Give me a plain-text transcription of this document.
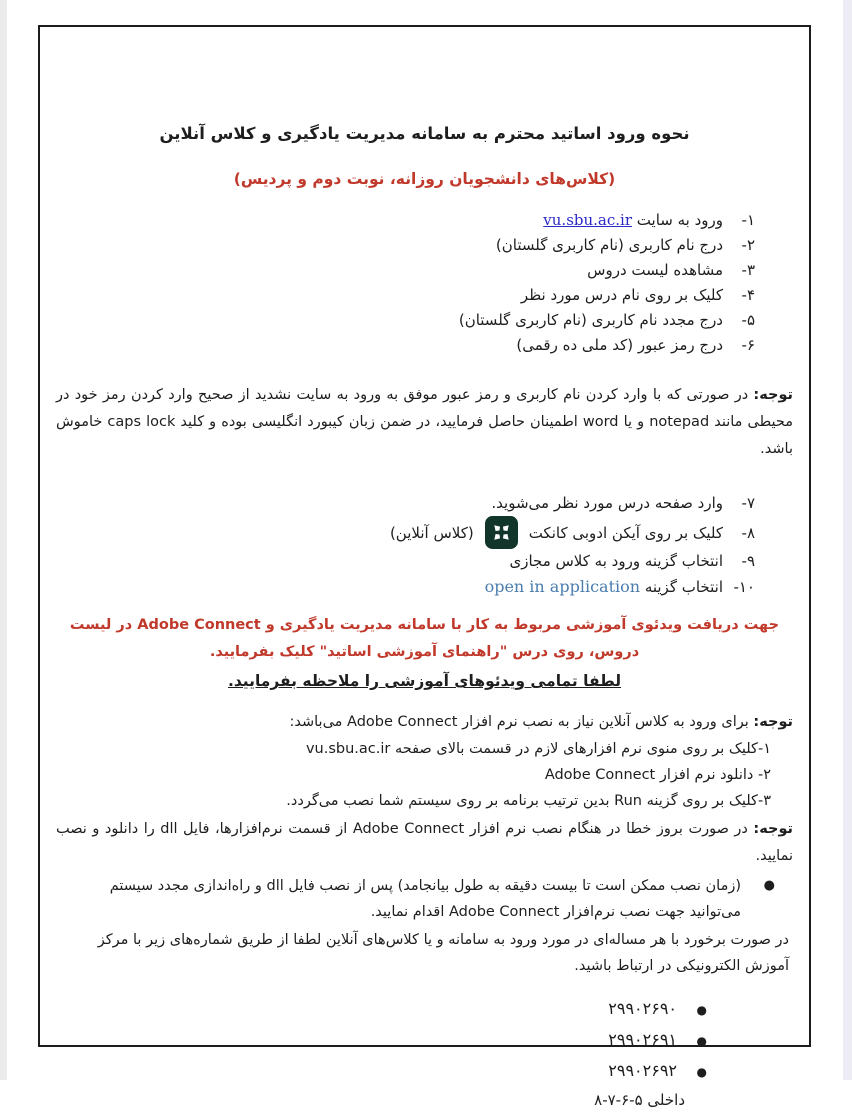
نحوه ورود اساتید محترم به سامانه مدیریت یادگیری و کلاس آنلاین
(کلاس‌های دانشجویان روزانه، نوبت دوم و پردیس)
۱-ورود به سایت vu.sbu.ac.ir
۲-درج نام کاربری (نام کاربری گلستان)
۳-مشاهده لیست دروس
۴-کلیک بر روی نام درس مورد نظر
۵-درج مجدد نام کاربری (نام کاربری گلستان)
۶-درج رمز عبور (کد ملی ده رقمی)

توجه: در صورتی که با وارد کردن نام کاربری و رمز عبور موفق به ورود به سایت نشدید از صحیح وارد کردن رمز خود در محیطی مانند notepad و یا word اطمینان حاصل فرمایید، در ضمن زبان کیبورد انگلیسی بوده و کلید caps lock خاموش باشد.

۷-وارد صفحه درس مورد نظر می‌شوید.
۸-کلیک بر روی آیکن ادوبی کانکت(کلاس آنلاین)
۹-انتخاب گزینه ورود به کلاس مجازی
۱۰-انتخاب گزینه open in application

جهت دریافت ویدئوی آموزشی مربوط به کار با سامانه مدیریت یادگیری و Adobe Connect در لیست دروس، روی درس "راهنمای آموزشی اساتید" کلیک بفرمایید.

لطفا تمامی ویدئوهای آموزشی را ملاحظه بفرمایید.

توجه: برای ورود به کلاس آنلاین نیاز به نصب نرم افزار Adobe Connect می‌باشد:

۱-کلیک بر روی منوی نرم افزارهای لازم در قسمت بالای صفحه vu.sbu.ac.ir
۲- دانلود نرم افزار Adobe Connect
۳-کلیک بر روی گزینه Run بدین ترتیب برنامه بر روی سیستم شما نصب می‌گردد.

توجه: در صورت بروز خطا در هنگام نصب نرم افزار Adobe Connect از قسمت نرم‌افزارها، فایل dll را دانلود و نصب نمایید.

●
(زمان نصب ممکن است تا بیست دقیقه به طول بیانجامد) پس از نصب فایل dll و راه‌اندازی مجدد سیستم می‌توانید جهت نصب نرم‌افزار Adobe Connect اقدام نمایید.

در صورت برخورد با هر مساله‌ای در مورد ورود به سامانه و یا کلاس‌های آنلاین لطفا از طریق شماره‌های زیر با مرکز آموزش الکترونیکی در ارتباط باشید.

●۲۹۹۰۲۶۹۰
●۲۹۹۰۲۶۹۱
●۲۹۹۰۲۶۹۲
داخلی ۵‏-‏۶‏-‏۷‏-‏۸
